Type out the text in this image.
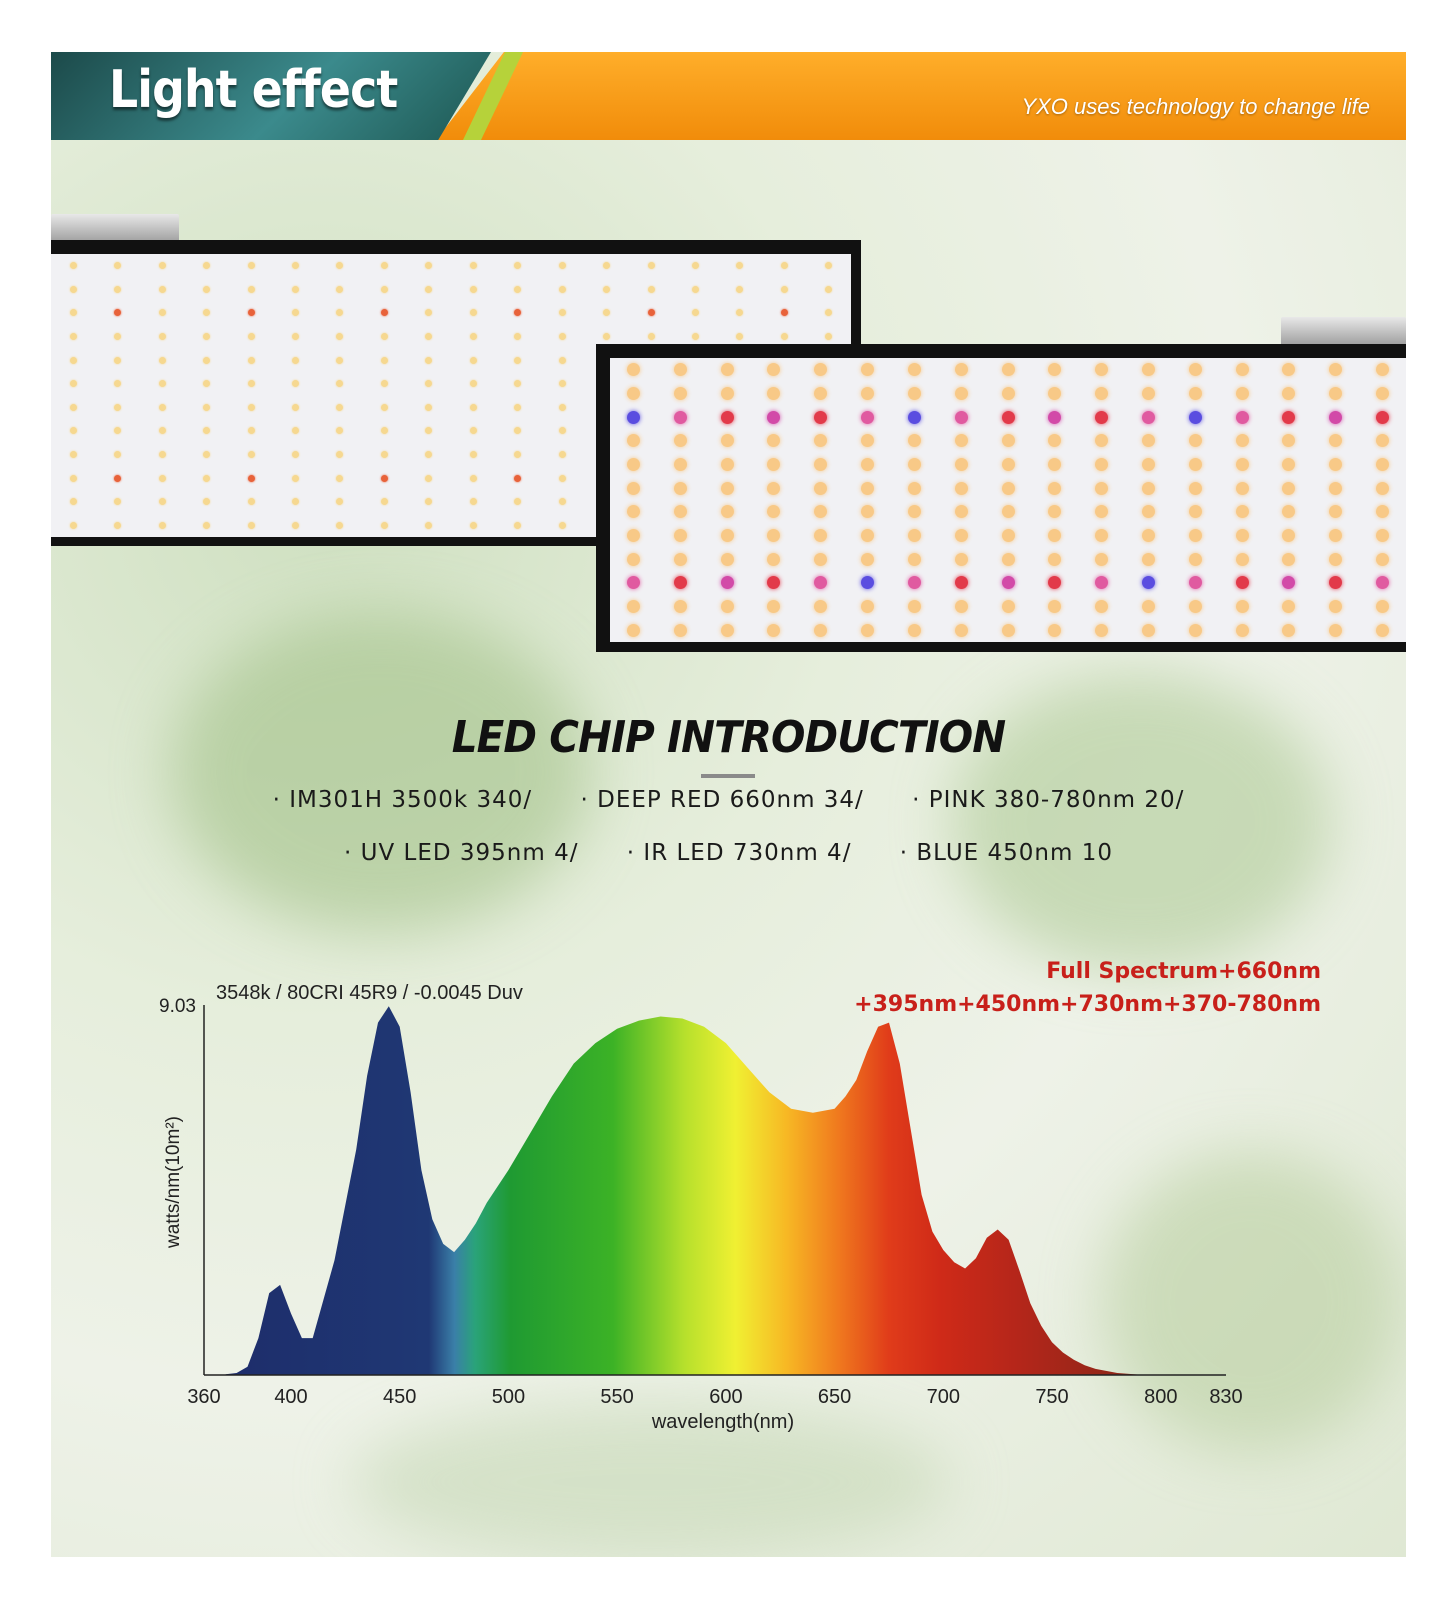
Light effect	YXO uses technology to change life
LED CHIP INTRODUCTION
· IM301H 3500k 340/ · DEEP RED 660nm 34/ · PINK 380-780nm 20/
· UV LED 395nm 4/ · IR LED 730nm 4/ · BLUE 450nm 10
360	400	450	500	550	600	650	700	750	800 830
9.03
3548k / 80CRI 45R9 / -0.0045 Duv
wavelength(nm)
watts/nm(10m²)
Full Spectrum+660nm
+395nm+450nm+730nm+370-780nm
